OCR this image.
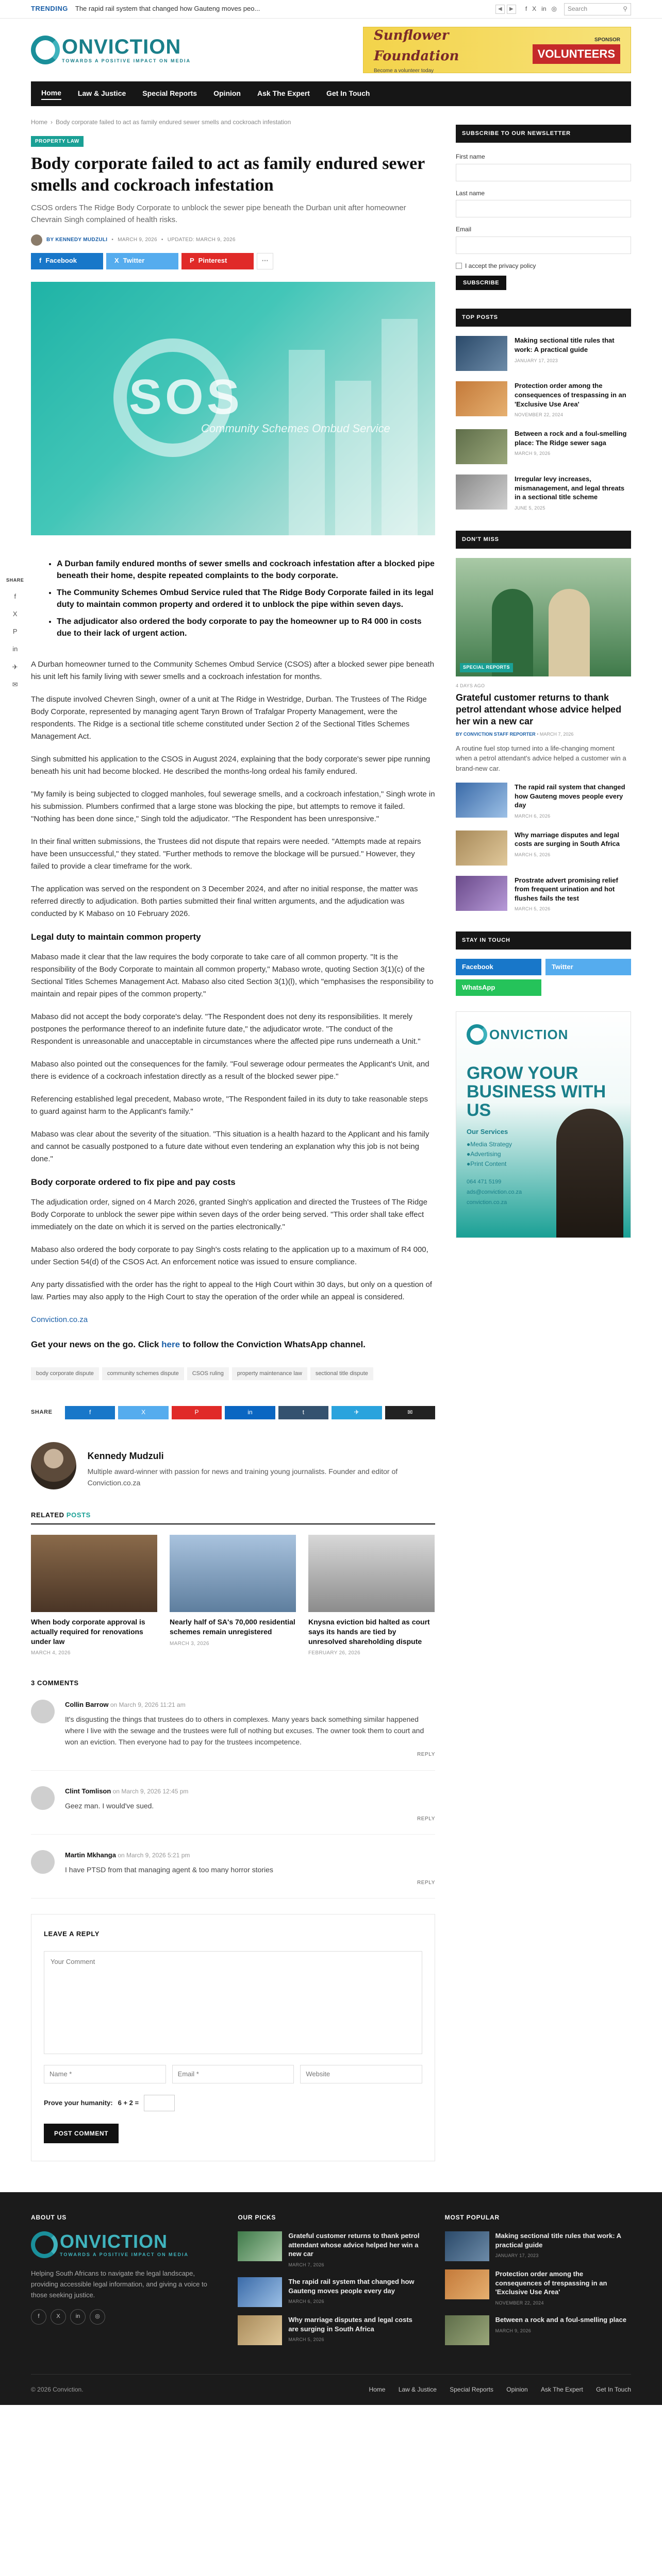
TRENDING The rapid rail system that changed how Gauteng moves peo...	◀	▶	f X in ◎ Search	⚲
ONVICTION
TOWARDS A POSITIVE IMPACT ON MEDIA
Sunflower Foundation
Become a volunteer today
SPONSOR
VOLUNTEERS
Home Law & Justice Special Reports Opinion Ask The Expert Get In Touch
SHARE
f
X
P
in
✈
✉
Home › Body corporate failed to act as family endured sewer smells and cockroach infestation
PROPERTY LAW
Body corporate failed to act as family endured sewer smells and cockroach infestation

CSOS orders The Ridge Body Corporate to unblock the sewer pipe beneath the Durban unit after homeowner Chevrain Singh complained of health risks.

BY KENNEDY MUDZULI • MARCH 9, 2026 • UPDATED: MARCH 9, 2026
f Facebook	X Twitter	P Pinterest	⋯
SOS
Community Schemes Ombud Service
• A Durban family endured months of sewer smells and cockroach infestation after a blocked pipe beneath their home, despite repeated complaints to the body corporate.
• The Community Schemes Ombud Service ruled that The Ridge Body Corporate failed in its legal duty to maintain common property and ordered it to unblock the pipe within seven days.
• The adjudicator also ordered the body corporate to pay the homeowner up to R4 000 in costs due to their lack of urgent action.

A Durban homeowner turned to the Community Schemes Ombud Service (CSOS) after a blocked sewer pipe beneath his unit left his family living with sewer smells and a cockroach infestation for months.

The dispute involved Chevren Singh, owner of a unit at The Ridge in Westridge, Durban. The Trustees of The Ridge Body Corporate, represented by managing agent Taryn Brown of Trafalgar Property Management, were the respondents. The Ridge is a sectional title scheme constituted under Section 2 of the Sectional Titles Schemes Management Act.

Singh submitted his application to the CSOS in August 2024, explaining that the body corporate's sewer pipe running beneath his unit had become blocked. He described the months-long ordeal his family endured.

"My family is being subjected to clogged manholes, foul sewerage smells, and a cockroach infestation," Singh wrote in his submission. Plumbers confirmed that a large stone was blocking the pipe, but attempts to remove it failed. "Nothing has been done since," Singh told the adjudicator. "The Respondent has been unresponsive."

In their final written submissions, the Trustees did not dispute that repairs were needed. "Attempts made at repairs have been unsuccessful," they stated. "Further methods to remove the blockage will be pursued." However, they failed to provide a clear timeframe for the work.

The application was served on the respondent on 3 December 2024, and after no initial response, the matter was referred directly to adjudication. Both parties submitted their final written arguments, and the adjudication was conducted by K Mabaso on 10 February 2026.

Legal duty to maintain common property

Mabaso made it clear that the law requires the body corporate to take care of all common property. "It is the responsibility of the Body Corporate to maintain all common property," Mabaso wrote, quoting Section 3(1)(c) of the Sectional Titles Schemes Management Act. Mabaso also cited Section 3(1)(l), which "emphasises the responsibility to maintain and repair pipes of the common property."

Mabaso did not accept the body corporate's delay. "The Respondent does not deny its responsibilities. It merely postpones the performance thereof to an indefinite future date," the adjudicator wrote. "The conduct of the Respondent is unreasonable and unacceptable in circumstances where the affected pipe runs underneath a Unit."

Mabaso also pointed out the consequences for the family. "Foul sewerage odour permeates the Applicant's Unit, and there is evidence of a cockroach infestation directly as a result of the blocked sewer pipe."

Referencing established legal precedent, Mabaso wrote, "The Respondent failed in its duty to take reasonable steps to guard against harm to the Applicant's family."

Mabaso was clear about the severity of the situation. "This situation is a health hazard to the Applicant and his family and cannot be casually postponed to a future date without even tendering an explanation why this job is not being done."

Body corporate ordered to fix pipe and pay costs

The adjudication order, signed on 4 March 2026, granted Singh's application and directed the Trustees of The Ridge Body Corporate to unblock the sewer pipe within seven days of the order being served. "This order shall take effect immediately on the date on which it is served on the parties electronically."

Mabaso also ordered the body corporate to pay Singh's costs relating to the application up to a maximum of R4 000, under Section 54(d) of the CSOS Act. An enforcement notice was issued to ensure compliance.

Any party dissatisfied with the order has the right to appeal to the High Court within 30 days, but only on a question of law. Parties may also apply to the High Court to stay the operation of the order while an appeal is considered.

Conviction.co.za

Get your news on the go. Click here to follow the Conviction WhatsApp channel.

body corporate dispute	community schemes dispute	CSOS ruling	property maintenance law	sectional title dispute
SHARE	f	X	P	in	t	✈	✉
Kennedy Mudzuli
Multiple award-winner with passion for news and training young journalists. Founder and editor of Conviction.co.za
RELATED POSTS
When body corporate approval is actually required for renovations under law
MARCH 4, 2026
Nearly half of SA's 70,000 residential schemes remain unregistered
MARCH 3, 2026
Knysna eviction bid halted as court says its hands are tied by unresolved shareholding dispute
FEBRUARY 26, 2026
3 COMMENTS
Collin Barrow on March 9, 2026 11:21 am
It's disgusting the things that trustees do to others in complexes. Many years back something similar happened where I live with the sewage and the trustees were full of nothing but excuses. The owner took them to court and won an eviction. Then everyone had to pay for the trustees incompetence.
REPLY
Clint Tomlison on March 9, 2026 12:45 pm
Geez man. I would've sued.
REPLY
Martin Mkhanga on March 9, 2026 5:21 pm
I have PTSD from that managing agent & too many horror stories
REPLY
LEAVE A REPLY
Your Comment
Name *
Email *
Website
Prove your humanity: 6 + 2 =
POST COMMENT
SUBSCRIBE TO OUR NEWSLETTER
First name
Last name
Email
I accept the privacy policy
SUBSCRIBE
TOP POSTS
Making sectional title rules that work: A practical guide
JANUARY 17, 2023
Protection order among the consequences of trespassing in an 'Exclusive Use Area'
NOVEMBER 22, 2024
Between a rock and a foul-smelling place: The Ridge sewer saga
MARCH 9, 2026
Irregular levy increases, mismanagement, and legal threats in a sectional title scheme
JUNE 5, 2025
DON'T MISS
SPECIAL REPORTS
4 DAYS AGO
Grateful customer returns to thank petrol attendant whose advice helped her win a new car
BY CONVICTION STAFF REPORTER • MARCH 7, 2026
A routine fuel stop turned into a life-changing moment when a petrol attendant's advice helped a customer win a brand-new car.
The rapid rail system that changed how Gauteng moves people every day
MARCH 6, 2026
Why marriage disputes and legal costs are surging in South Africa
MARCH 5, 2026
Prostrate advert promising relief from frequent urination and hot flushes fails the test
MARCH 5, 2026
STAY IN TOUCH
Facebook	Twitter
WhatsApp
ONVICTION
GROW YOUR BUSINESS WITH US
Our Services
●Media Strategy
●Advertising
●Print Content
064 471 5199
ads@conviction.co.za
conviction.co.za
ABOUT US
ONVICTION
TOWARDS A POSITIVE IMPACT ON MEDIA
Helping South Africans to navigate the legal landscape, providing accessible legal information, and giving a voice to those seeking justice.
f	X	in	◎
OUR PICKS
Grateful customer returns to thank petrol attendant whose advice helped her win a new car
MARCH 7, 2026
The rapid rail system that changed how Gauteng moves people every day
MARCH 6, 2026
Why marriage disputes and legal costs are surging in South Africa
MARCH 5, 2026
MOST POPULAR
Making sectional title rules that work: A practical guide
JANUARY 17, 2023
Protection order among the consequences of trespassing in an 'Exclusive Use Area'
NOVEMBER 22, 2024
Between a rock and a foul-smelling place
MARCH 9, 2026
© 2026 Conviction.	Home Law & Justice Special Reports Opinion Ask The Expert Get In Touch
